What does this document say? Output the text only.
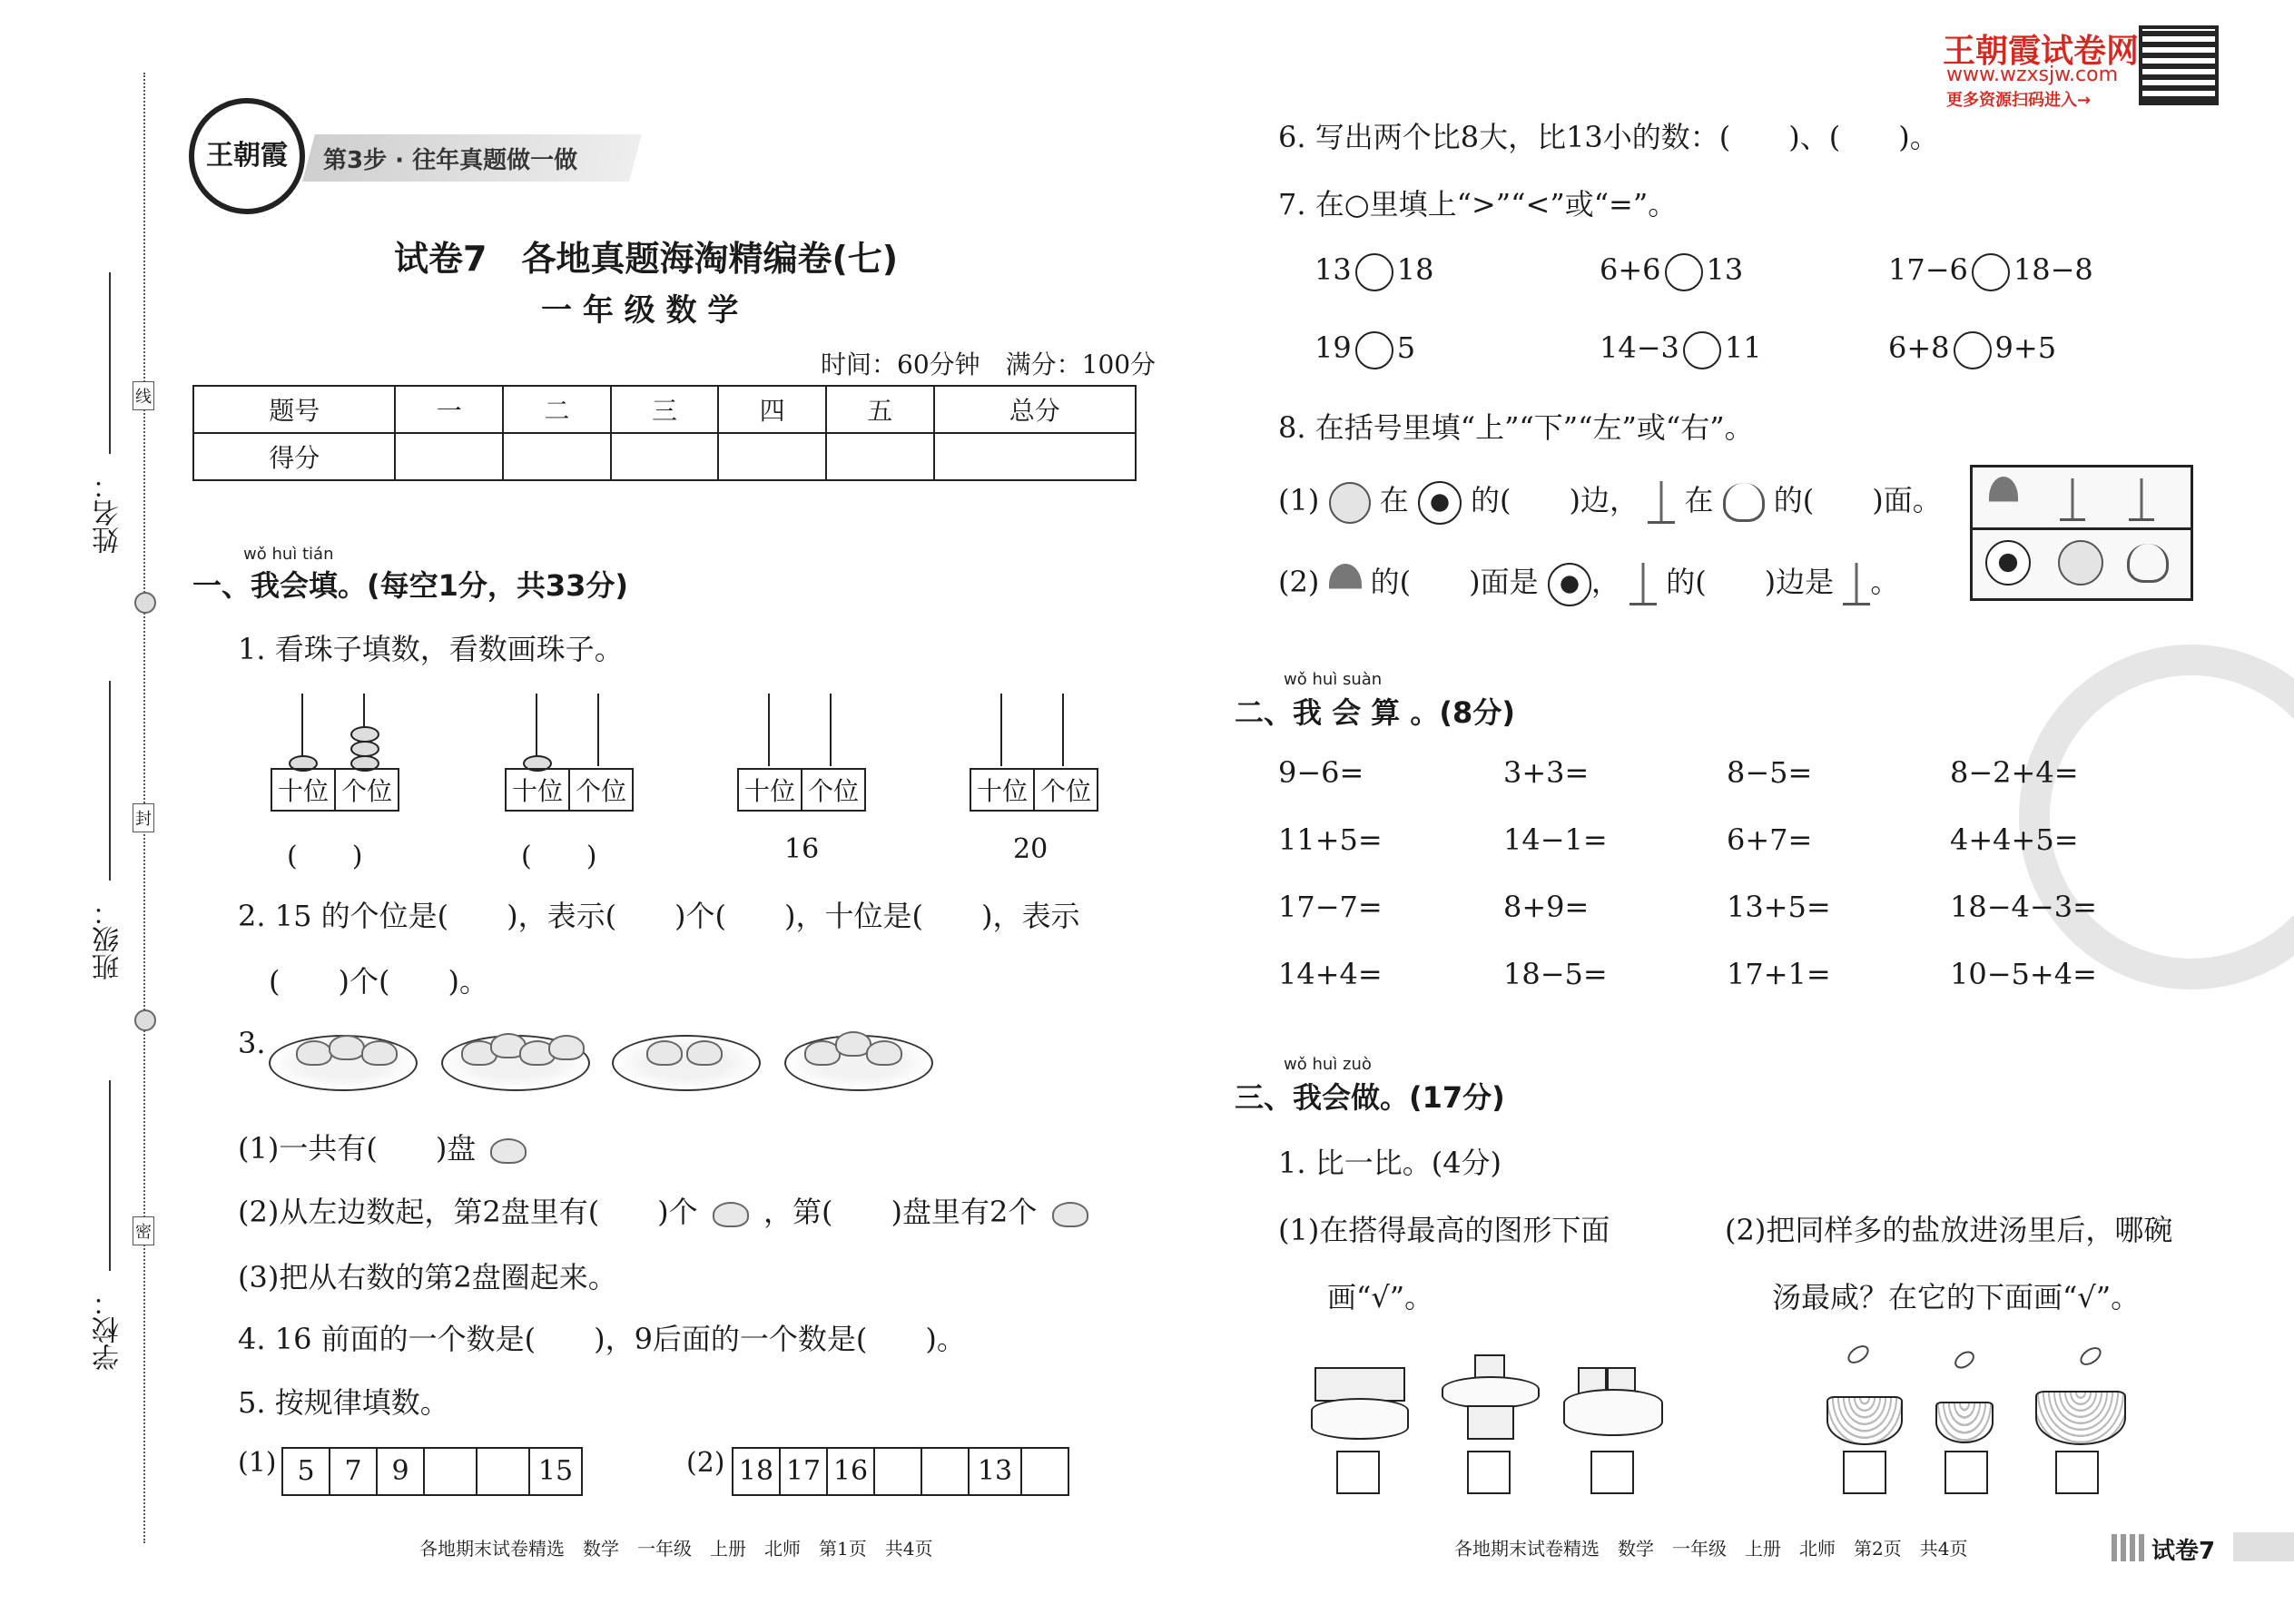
姓名：
线
班级：
封
学校：
密
王朝霞	第3步 · 往年真题做一做
王朝霞试卷网
www.wzxsjw.com
更多资源扫码进入→
试卷7　各地真题海淘精编卷(七)
一 年 级 数 学
时间：60分钟　满分：100分
题号	一	二	三	四	五	总分
得分						
wǒ huì tián
一、我会填。(每空1分，共33分)
1. 看珠子填数，看数画珠子。
十位 个位
(　　)
十位 个位
(　　)
十位 个位
16
十位 个位
20
2. 15 的个位是(　　)，表示(　　)个(　　)，十位是(　　)，表示
(　　)个(　　)。
3.
(1)一共有(　　)盘
(2)从左边数起，第2盘里有(　　)个 ，第(　　)盘里有2个
(3)把从右数的第2盘圈起来。
4. 16 前面的一个数是(　　)，9后面的一个数是(　　)。
5. 按规律填数。
(1) 5	7	9	15	(2) 18 17 16	13
各地期末试卷精选　数学　一年级　上册　北师　第1页　共4页
6. 写出两个比8大，比13小的数：(　　)、(　　)。
7. 在○里填上“>”“<”或“=”。
13 18	6+6 13	17−6 18−8
19 5	14−3 11	6+8 9+5
8. 在括号里填“上”“下”“左”或“右”。
(1) 在 的(　　)边， 在 的(　　)面。
(2) 的(　　)面是 ，  的(　　)边是 。
wǒ huì suàn
二、我 会 算 。(8分)
9−6=	3+3=	8−5=	8−2+4=
11+5=	14−1=	6+7=	4+4+5=
17−7=	8+9=	13+5=	18−4−3=
14+4=	18−5=	17+1=	10−5+4=
wǒ huì zuò
三、我会做。(17分)
1. 比一比。(4分)
(1)在搭得最高的图形下面
画“√”。
(2)把同样多的盐放进汤里后，哪碗
汤最咸？在它的下面画“√”。
各地期末试卷精选　数学　一年级　上册　北师　第2页　共4页	试卷7
